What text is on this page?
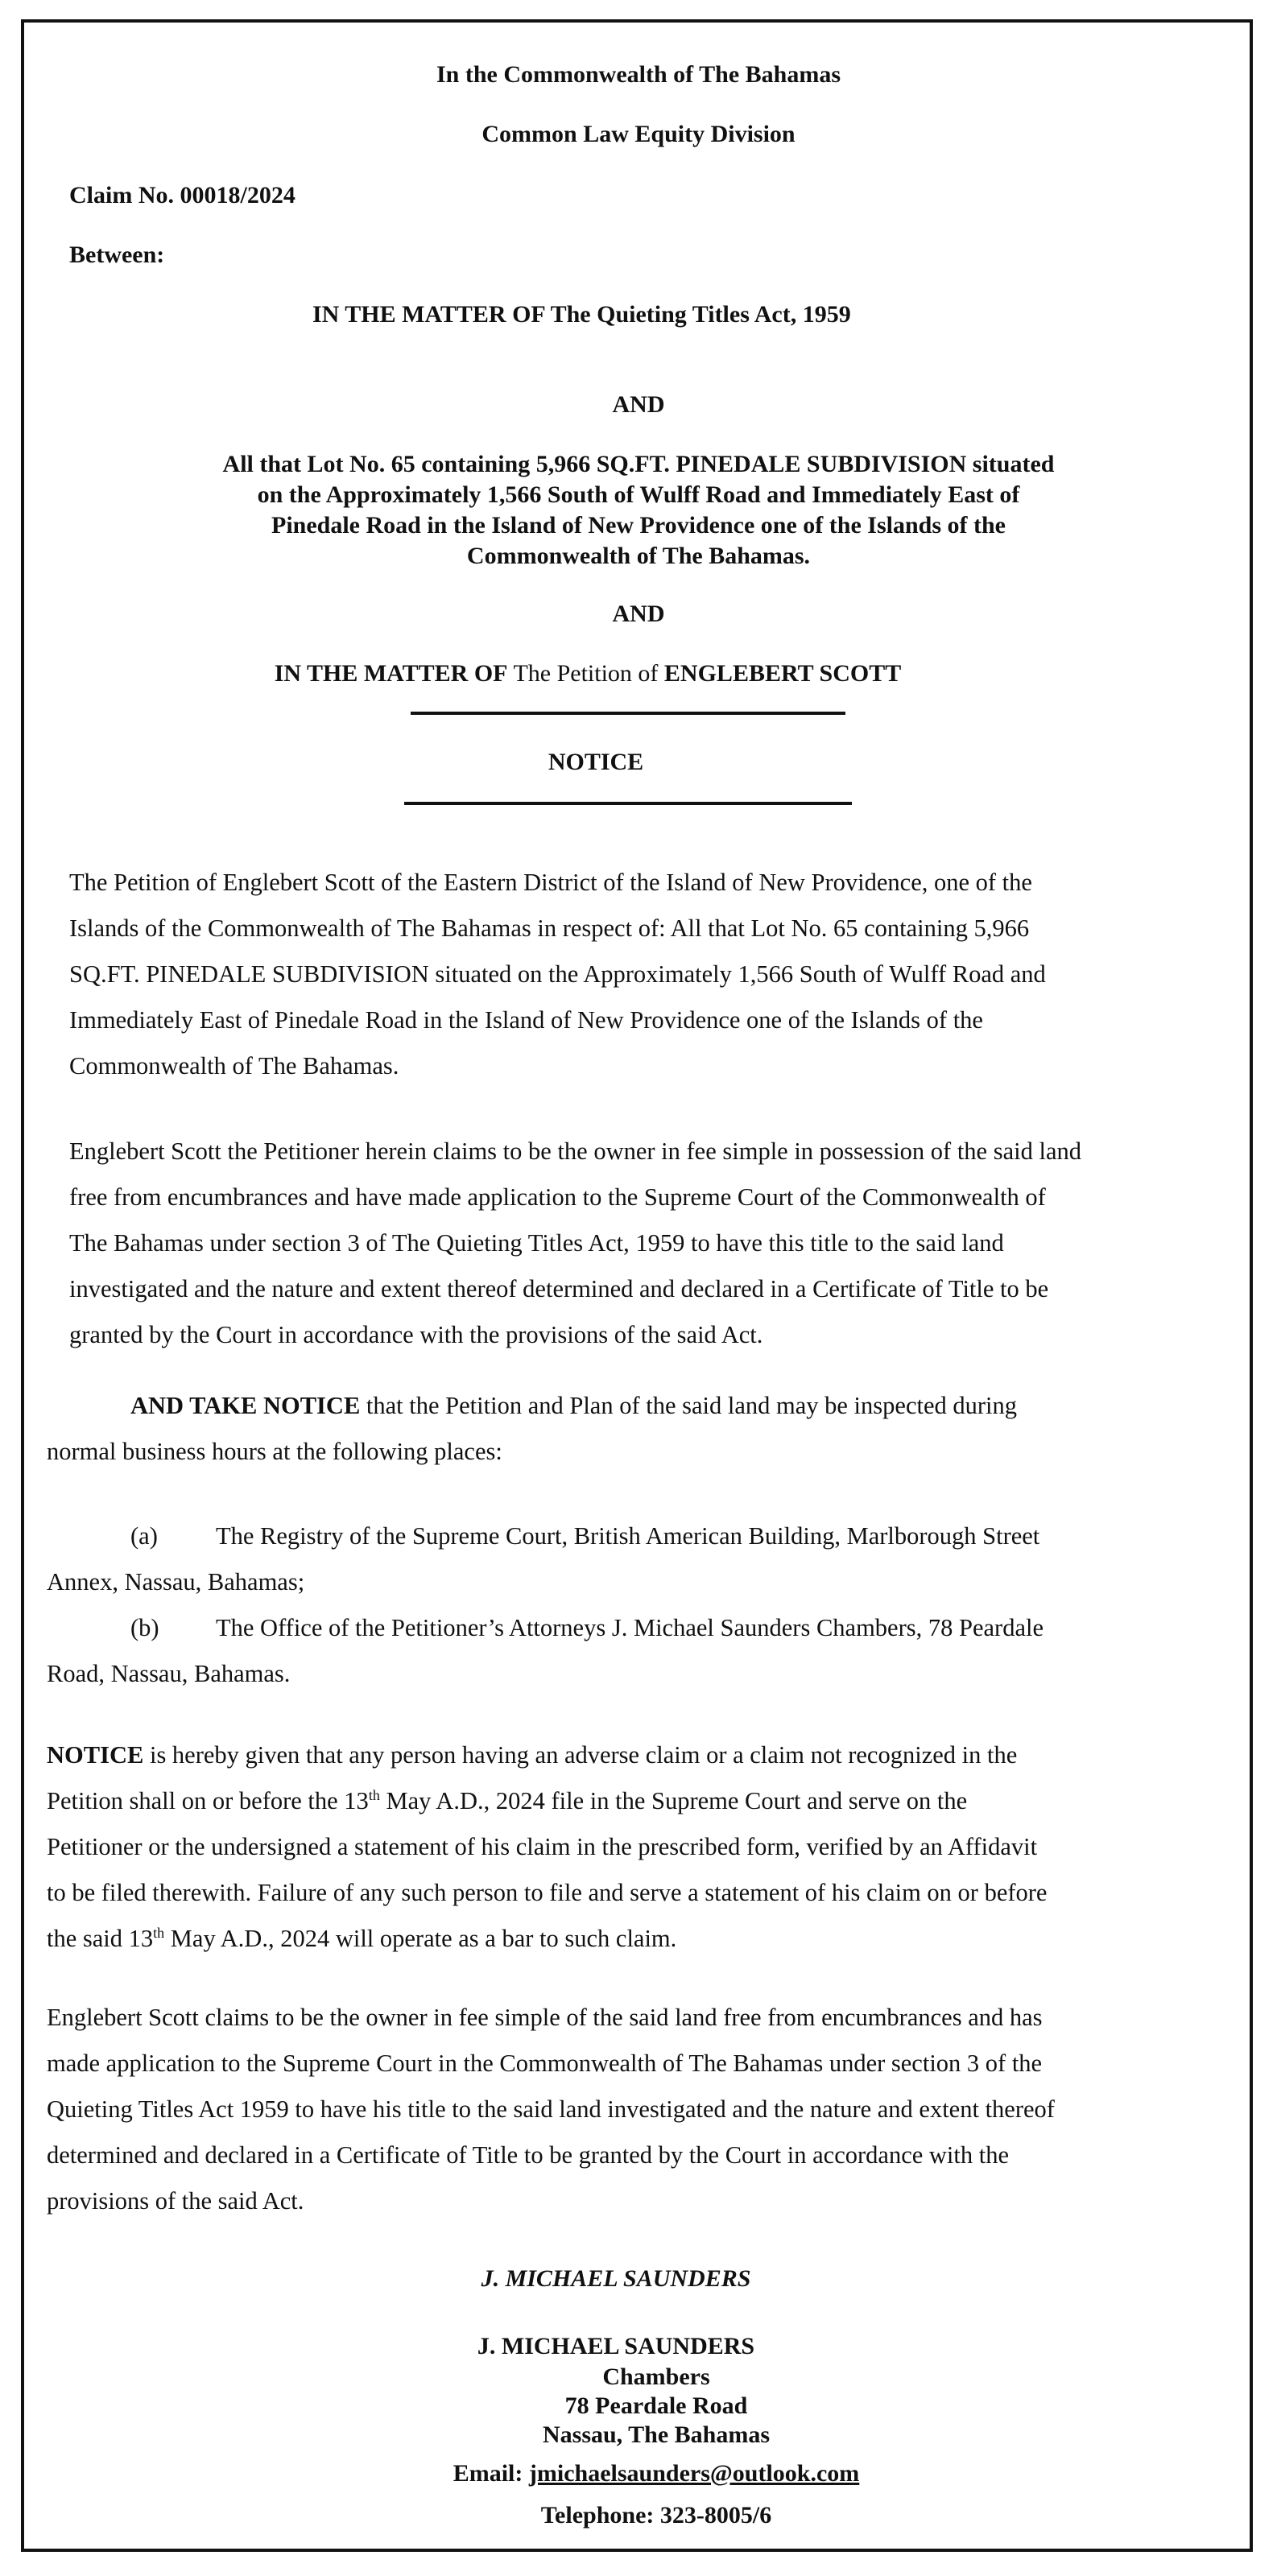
In the Commonwealth of The Bahamas
Common Law Equity Division
Claim No. 00018/2024
Between:
IN THE MATTER OF The Quieting Titles Act, 1959
AND
All that Lot No. 65 containing 5,966 SQ.FT. PINEDALE SUBDIVISION situated
on the Approximately 1,566 South of Wulff Road and Immediately East of
Pinedale Road in the Island of New Providence one of the Islands of the
Commonwealth of The Bahamas.
AND
IN THE MATTER OF The Petition of ENGLEBERT SCOTT
NOTICE
The Petition of Englebert Scott of the Eastern District of the Island of New Providence, one of the
Islands of the Commonwealth of The Bahamas in respect of: All that Lot No. 65 containing 5,966
SQ.FT. PINEDALE SUBDIVISION situated on the Approximately 1,566 South of Wulff Road and
Immediately East of Pinedale Road in the Island of New Providence one of the Islands of the
Commonwealth of The Bahamas.
Englebert Scott the Petitioner herein claims to be the owner in fee simple in possession of the said land
free from encumbrances and have made application to the Supreme Court of the Commonwealth of
The Bahamas under section 3 of The Quieting Titles Act, 1959 to have this title to the said land
investigated and the nature and extent thereof determined and declared in a Certificate of Title to be
granted by the Court in accordance with the provisions of the said Act.
AND TAKE NOTICE that the Petition and Plan of the said land may be inspected during
normal business hours at the following places:
(a) The Registry of the Supreme Court, British American Building, Marlborough Street
Annex, Nassau, Bahamas;
(b) The Office of the Petitioner’s Attorneys J. Michael Saunders Chambers, 78 Peardale
Road, Nassau, Bahamas.
NOTICE is hereby given that any person having an adverse claim or a claim not recognized in the
Petition shall on or before the 13th May A.D., 2024 file in the Supreme Court and serve on the
Petitioner or the undersigned a statement of his claim in the prescribed form, verified by an Affidavit
to be filed therewith. Failure of any such person to file and serve a statement of his claim on or before
the said 13th May A.D., 2024 will operate as a bar to such claim.
Englebert Scott claims to be the owner in fee simple of the said land free from encumbrances and has
made application to the Supreme Court in the Commonwealth of The Bahamas under section 3 of the
Quieting Titles Act 1959 to have his title to the said land investigated and the nature and extent thereof
determined and declared in a Certificate of Title to be granted by the Court in accordance with the
provisions of the said Act.
J. MICHAEL SAUNDERS
J. MICHAEL SAUNDERS
Chambers
78 Peardale Road
Nassau, The Bahamas
Email: jmichaelsaunders@outlook.com
Telephone: 323-8005/6
